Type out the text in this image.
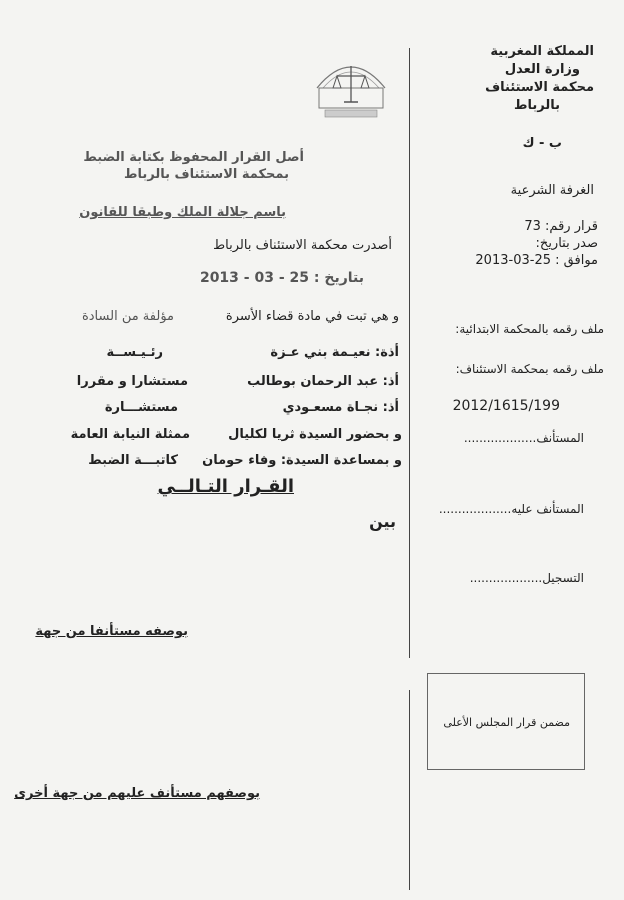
المملكة المغربية
وزارة العدل
محكمة الاستئناف
بالرباط
ب - ك
الغرفة الشرعية
قرار رقم: 73
صدر بتاريخ:
موافق : 25-03-2013
ملف رقمه بالمحكمة الابتدائية:
ملف رقمه بمحكمة الاستئناف:
2012/1615/199
المستأنف...................
المستأنف عليه...................
التسجيل...................
مضمن قرار المجلس الأعلى
أصل القرار المحفوظ بكتابة الضبط
بمحكمة الاستئناف بالرباط
باسم جلالة الملك وطبقا للقانون
أصدرت محكمة الاستئناف بالرباط
بتاريخ : 25 - 03 - 2013
و هي تبت في مادة قضاء الأسرة
مؤلفة من السادة
أذة: نعيـمة بني عـزة
رئـيـســة
أذ: عبد الرحمان بوطالب
مستشارا و مقررا
أذ: نجـاة مسعـودي
مستشـــارة
و بحضور السيدة ثريا لكليال
ممثلة النيابة العامة
و بمساعدة السيدة: وفاء حومان
كاتبـــة الضبط
القـرار التـالــي
بين
بوصفه مستأنفا من جهة
بوصفهم مستأنف عليهم من جهة أخرى
